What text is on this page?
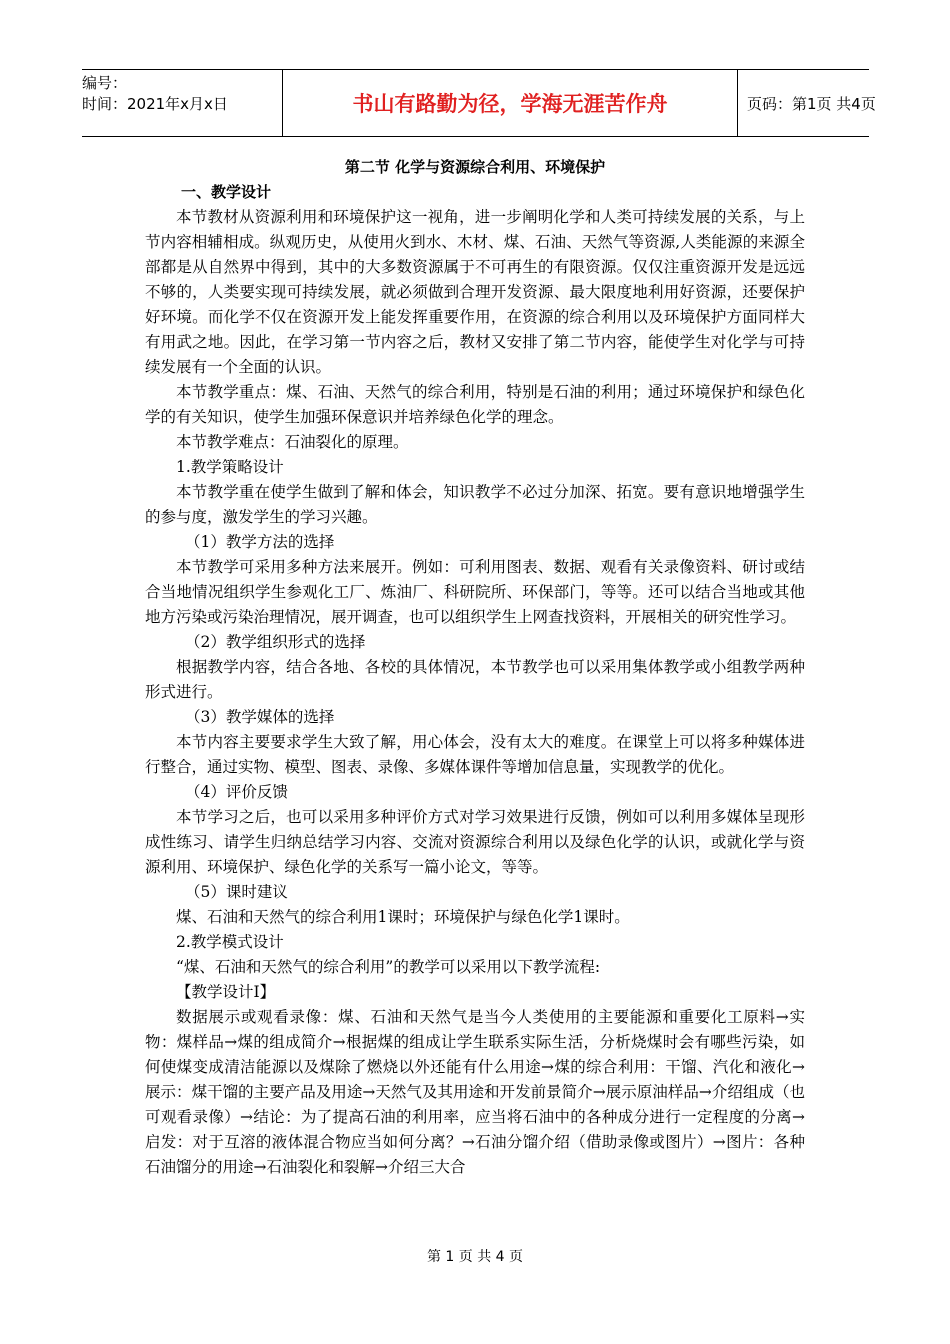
编号：
时间：2021年x月x日	书山有路勤为径，学海无涯苦作舟	页码：第1页 共4页
第二节 化学与资源综合利用、环境保护
一、教学设计

本节教材从资源利用和环境保护这一视角，进一步阐明化学和人类可持续发展的关系，与上节内容相辅相成。纵观历史，从使用火到水、木材、煤、石油、天然气等资源,人类能源的来源全部都是从自然界中得到，其中的大多数资源属于不可再生的有限资源。仅仅注重资源开发是远远不够的，人类要实现可持续发展，就必须做到合理开发资源、最大限度地利用好资源，还要保护好环境。而化学不仅在资源开发上能发挥重要作用，在资源的综合利用以及环境保护方面同样大有用武之地。因此，在学习第一节内容之后，教材又安排了第二节内容，能使学生对化学与可持续发展有一个全面的认识。

本节教学重点：煤、石油、天然气的综合利用，特别是石油的利用；通过环境保护和绿色化学的有关知识，使学生加强环保意识并培养绿色化学的理念。

本节教学难点：石油裂化的原理。

1.教学策略设计

本节教学重在使学生做到了解和体会，知识教学不必过分加深、拓宽。要有意识地增强学生的参与度，激发学生的学习兴趣。

（1）教学方法的选择

本节教学可采用多种方法来展开。例如：可利用图表、数据、观看有关录像资料、研讨或结合当地情况组织学生参观化工厂、炼油厂、科研院所、环保部门，等等。还可以结合当地或其他地方污染或污染治理情况，展开调查，也可以组织学生上网查找资料，开展相关的研究性学习。

（2）教学组织形式的选择

根据教学内容，结合各地、各校的具体情况，本节教学也可以采用集体教学或小组教学两种形式进行。

（3）教学媒体的选择

本节内容主要要求学生大致了解，用心体会，没有太大的难度。在课堂上可以将多种媒体进行整合，通过实物、模型、图表、录像、多媒体课件等增加信息量，实现教学的优化。

（4）评价反馈

本节学习之后，也可以采用多种评价方式对学习效果进行反馈，例如可以利用多媒体呈现形成性练习、请学生归纳总结学习内容、交流对资源综合利用以及绿色化学的认识，或就化学与资源利用、环境保护、绿色化学的关系写一篇小论文，等等。

（5）课时建议

煤、石油和天然气的综合利用1课时；环境保护与绿色化学1课时。

2.教学模式设计

“煤、石油和天然气的综合利用”的教学可以采用以下教学流程:

【教学设计I】

数据展示或观看录像：煤、石油和天然气是当今人类使用的主要能源和重要化工原料→实物：煤样品→煤的组成简介→根据煤的组成让学生联系实际生活，分析烧煤时会有哪些污染，如何使煤变成清洁能源以及煤除了燃烧以外还能有什么用途→煤的综合利用：干馏、汽化和液化→展示：煤干馏的主要产品及用途→天然气及其用途和开发前景简介→展示原油样品→介绍组成（也可观看录像）→结论：为了提高石油的利用率，应当将石油中的各种成分进行一定程度的分离→启发：对于互溶的液体混合物应当如何分离？→石油分馏介绍（借助录像或图片）→图片：各种石油馏分的用途→石油裂化和裂解→介绍三大合

第 1 页 共 4 页
